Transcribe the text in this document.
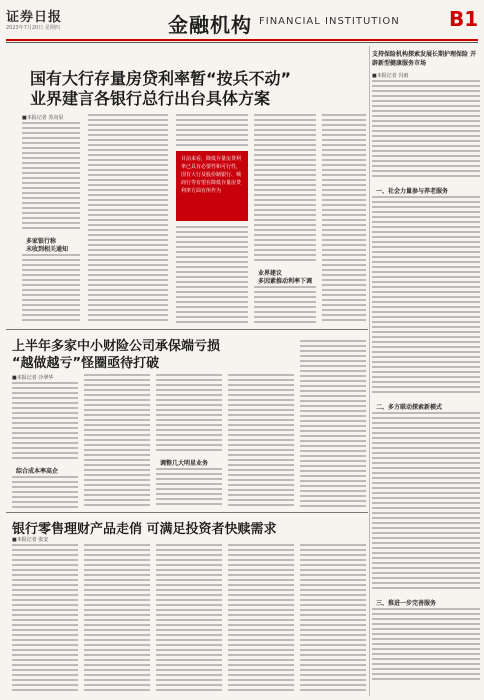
证券日报
2023年7月20日 星期四	金融机构 FINANCIAL INSTITUTION B1
国有大行存量房贷利率暂“按兵不动”
业界建言各银行总行出台具体方案
■本报记者 苏向杲
多家银行称
未收到相关通知
目前来看，降低存量房贷利率已具有必要性和可行性，国有大行及股份制银行、城商行等有望在降低存量房贷利率方面有所作为
业界建议
多因素推动利率下调
上半年多家中小财险公司承保端亏损
“越做越亏”怪圈亟待打破
■本报记者 冷翠华
综合成本率高企
调整几大明星业务
银行零售理财产品走俏 可满足投资者快赎需求
■本报记者 张安
支持保险机构探索发展长期护理保险 开辟新型健康服务市场
■本报记者 冯雨
一、社会力量参与养老服务
二、多方联动探索新模式
三、推进一步完善服务
